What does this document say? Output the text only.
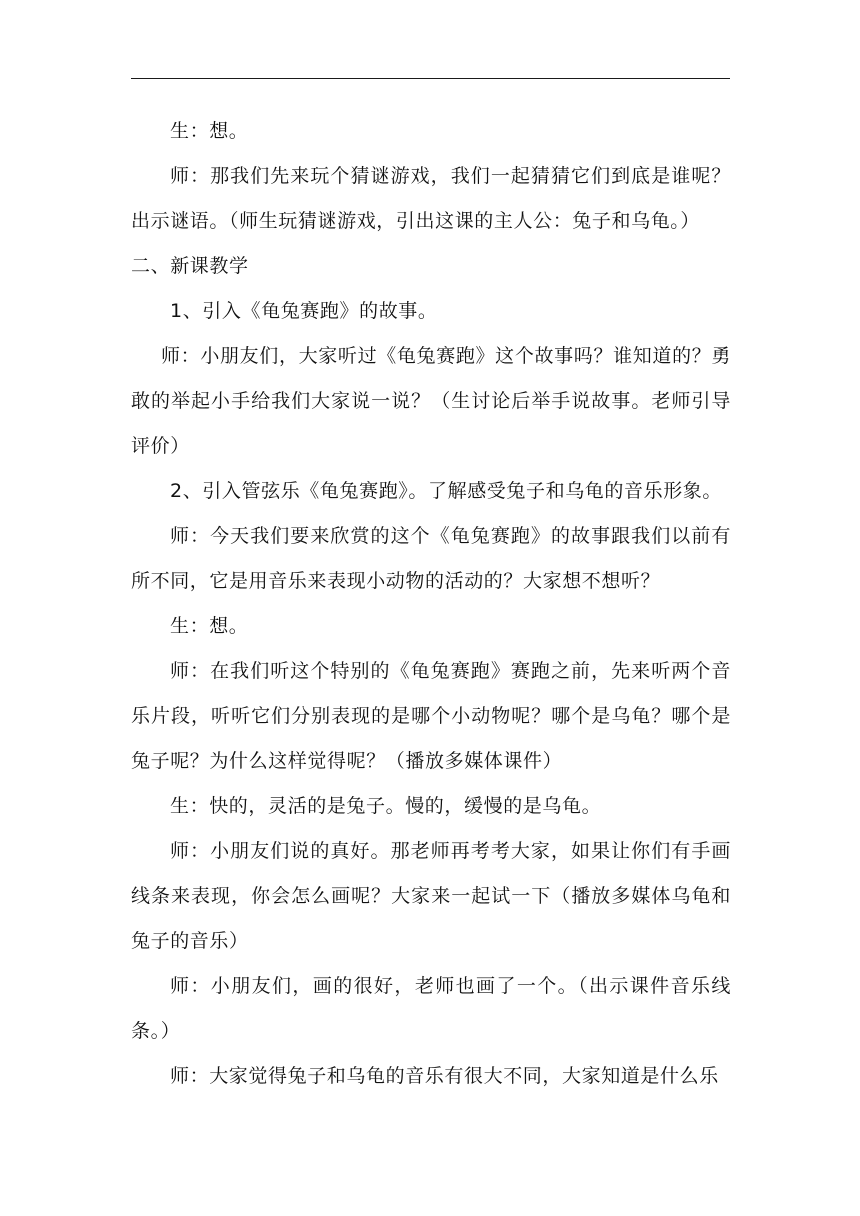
生：想。

师：那我们先来玩个猜谜游戏，我们一起猜猜它们到底是谁呢？出示谜语。（师生玩猜谜游戏，引出这课的主人公：兔子和乌龟。）

二、新课教学

1、引入《龟兔赛跑》的故事。

师：小朋友们，大家听过《龟兔赛跑》这个故事吗？谁知道的？勇敢的举起小手给我们大家说一说？（生讨论后举手说故事。老师引导评价）

2、引入管弦乐《龟兔赛跑》。了解感受兔子和乌龟的音乐形象。

师：今天我们要来欣赏的这个《龟兔赛跑》的故事跟我们以前有所不同，它是用音乐来表现小动物的活动的？大家想不想听？

生：想。

师：在我们听这个特别的《龟兔赛跑》赛跑之前，先来听两个音乐片段，听听它们分别表现的是哪个小动物呢？哪个是乌龟？哪个是兔子呢？为什么这样觉得呢？（播放多媒体课件）

生：快的，灵活的是兔子。慢的，缓慢的是乌龟。

师：小朋友们说的真好。那老师再考考大家，如果让你们有手画线条来表现，你会怎么画呢？大家来一起试一下（播放多媒体乌龟和兔子的音乐）

师：小朋友们，画的很好，老师也画了一个。（出示课件音乐线条。）

师：大家觉得兔子和乌龟的音乐有很大不同，大家知道是什么乐
